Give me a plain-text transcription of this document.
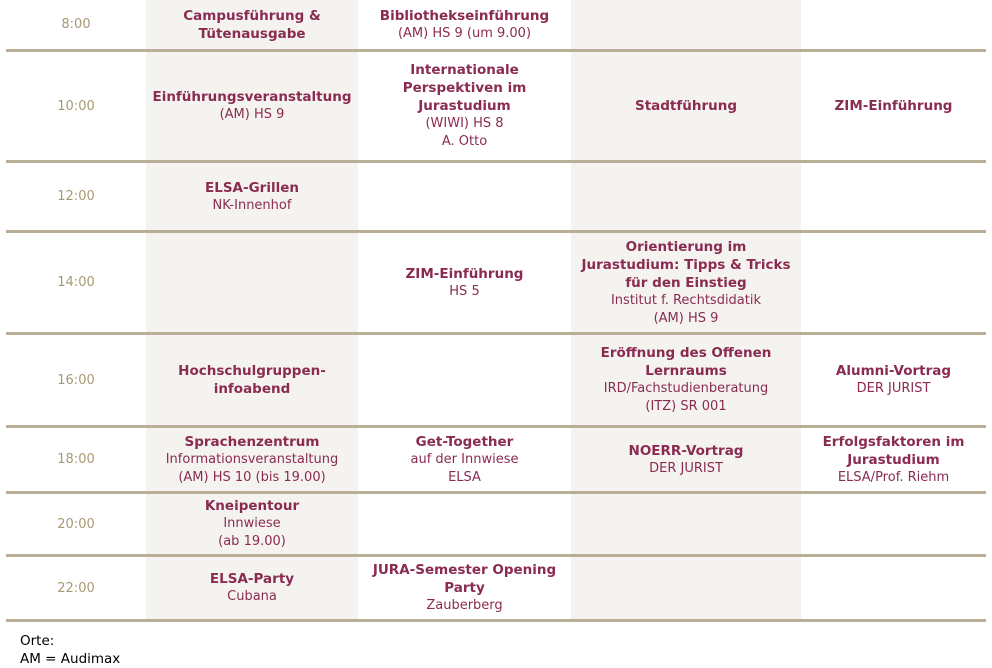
8:00
Campusführung &
Tütenausgabe
Bibliothekseinführung
(AM) HS 9 (um 9.00)
10:00
Einführungsveranstaltung
(AM) HS 9
Internationale
Perspektiven im
Jurastudium
(WIWI) HS 8
A. Otto
Stadtführung	ZIM-Einführung
12:00
ELSA-Grillen
NK-Innenhof
14:00
ZIM-Einführung
HS 5
Orientierung im
Jurastudium: Tipps & Tricks
für den Einstieg
Institut f. Rechtsdidatik
(AM) HS 9
16:00
Hochschulgruppen-
infoabend
Eröffnung des Offenen
Lernraums
IRD/Fachstudienberatung
(ITZ) SR 001
Alumni-Vortrag
DER JURIST
18:00
Sprachenzentrum
Informationsveranstaltung
(AM) HS 10 (bis 19.00)
Get-Together
auf der Innwiese
ELSA
NOERR-Vortrag
DER JURIST
Erfolgsfaktoren im
Jurastudium
ELSA/Prof. Riehm
20:00
Kneipentour
Innwiese
(ab 19.00)
22:00
ELSA-Party
Cubana
JURA-Semester Opening
Party
Zauberberg
Orte:
AM = Audimax
